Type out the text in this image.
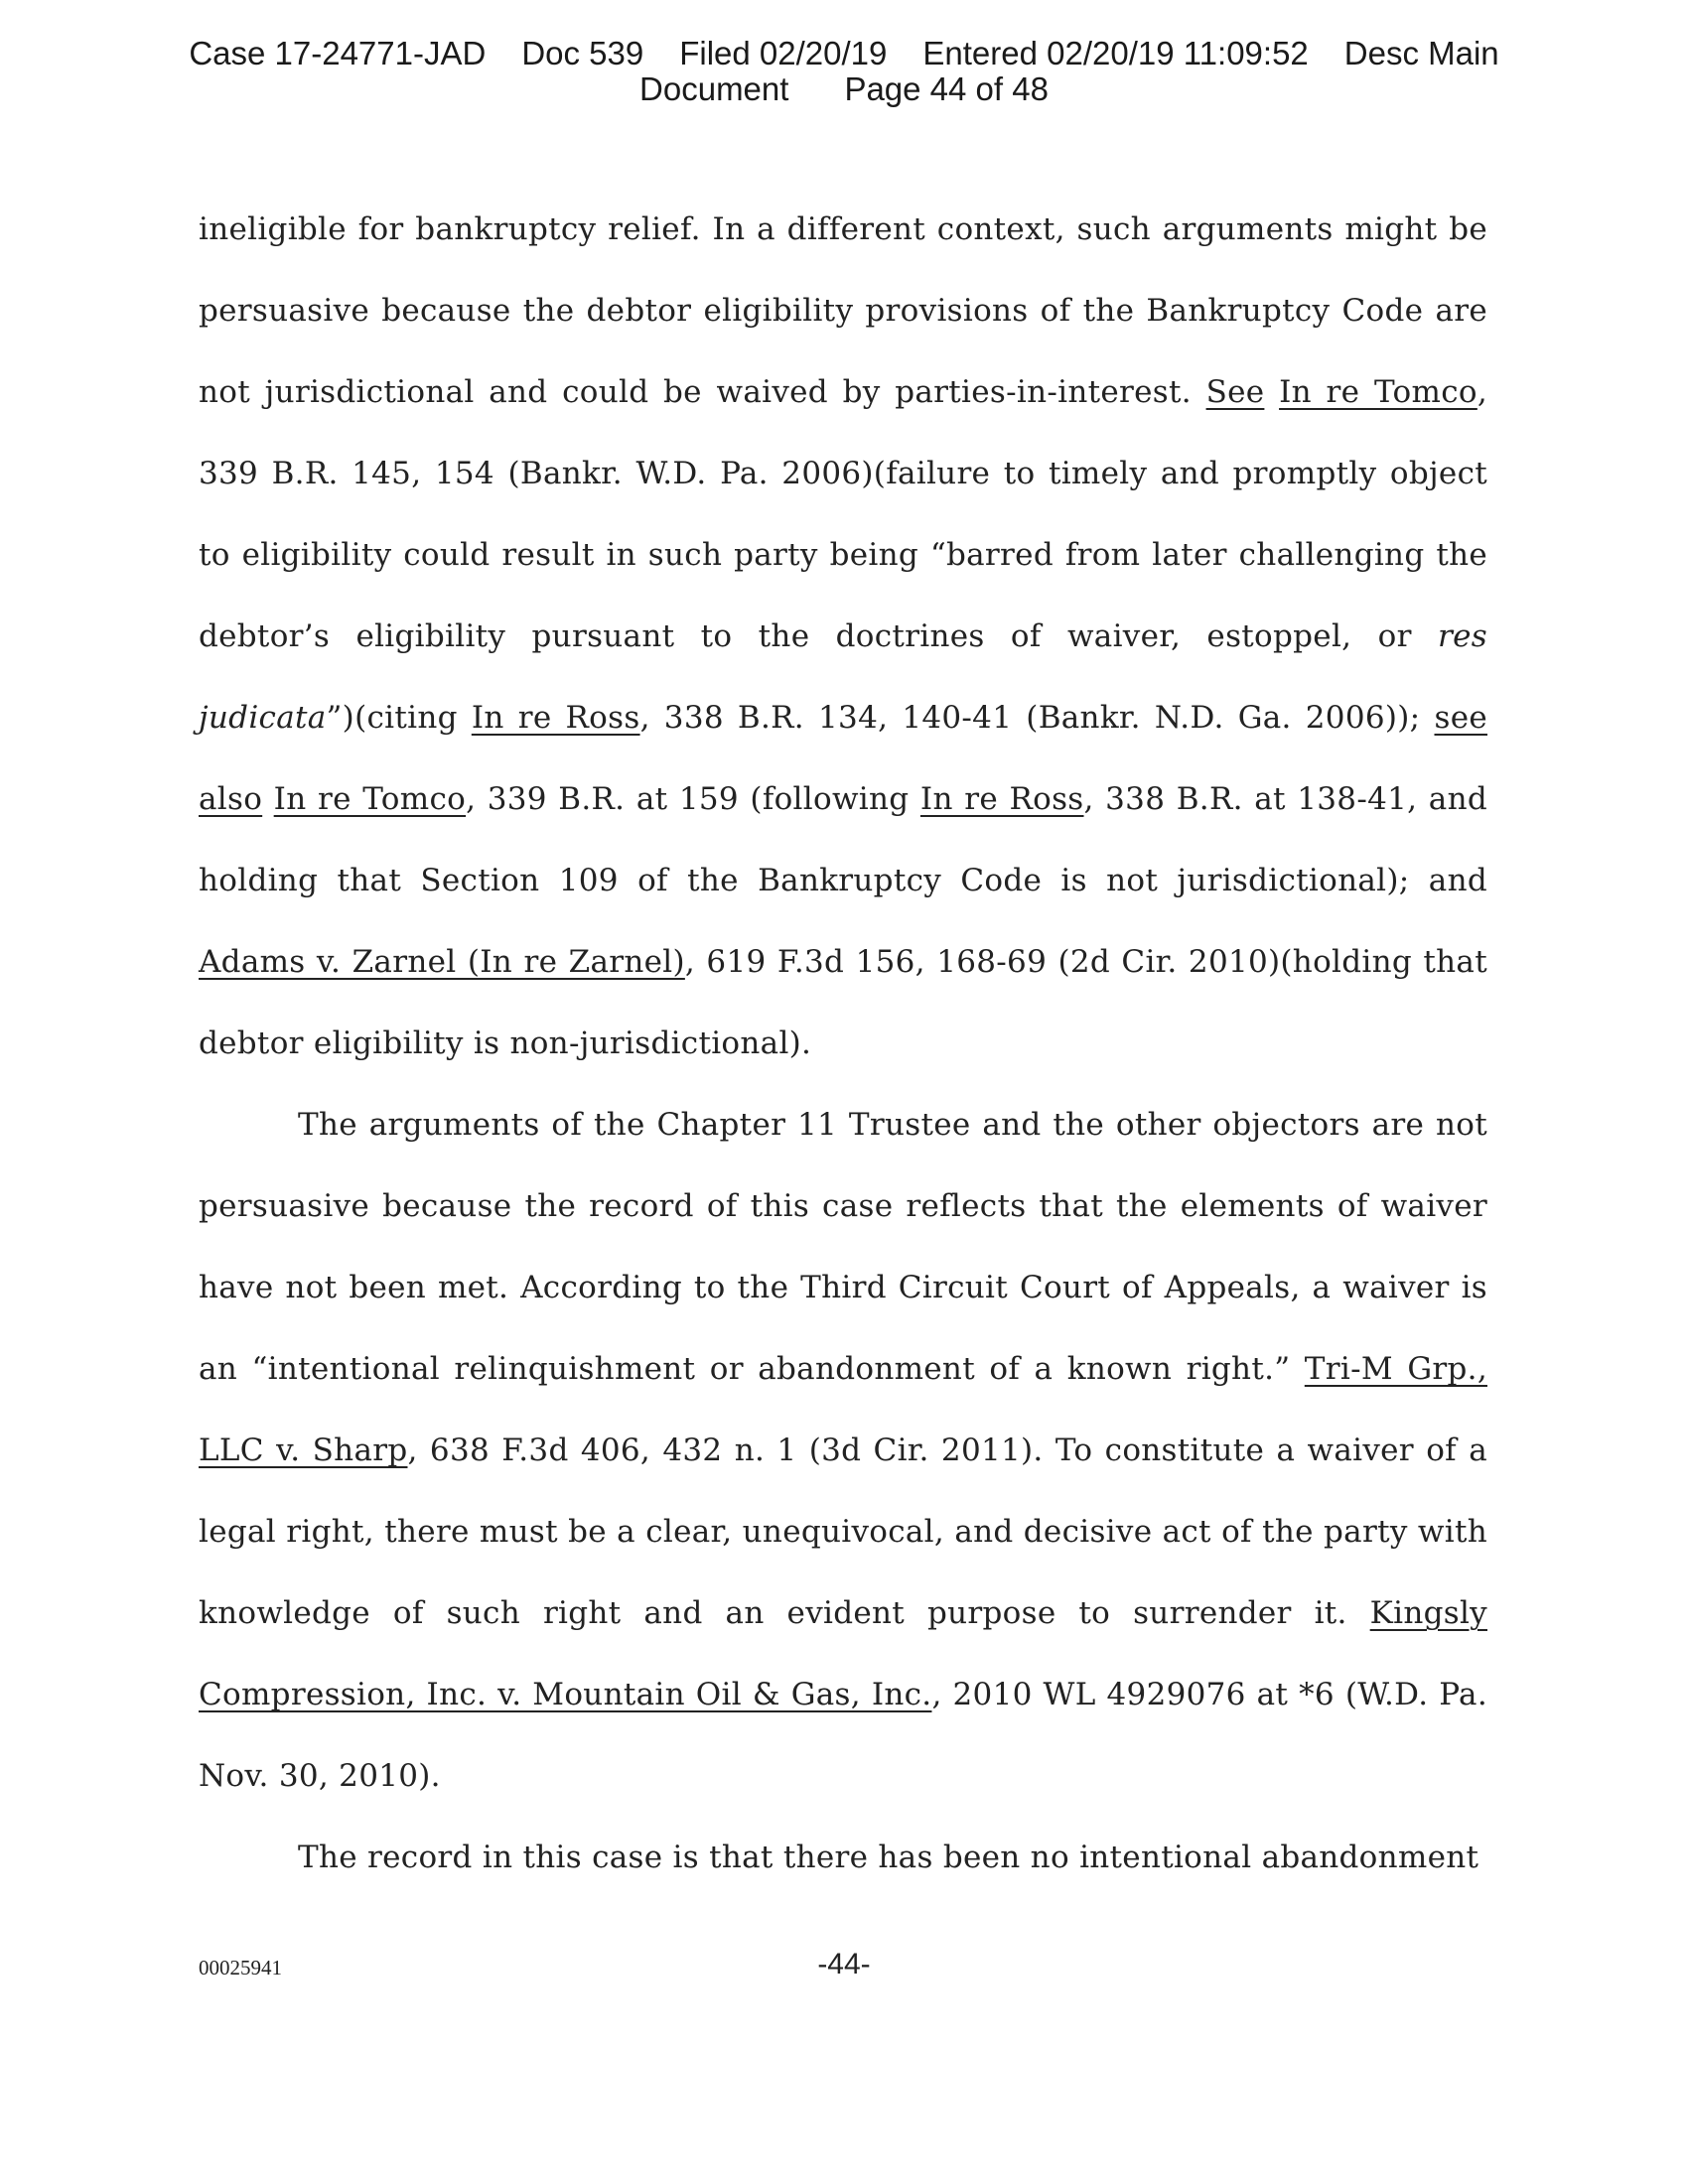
Case 17-24771-JAD Doc 539 Filed 02/20/19 Entered 02/20/19 11:09:52 Desc Main
Document Page 44 of 48

ineligible for bankruptcy relief. In a different context, such arguments might be persuasive because the debtor eligibility provisions of the Bankruptcy Code are not jurisdictional and could be waived by parties-in-interest. See In re Tomco, 339 B.R. 145, 154 (Bankr. W.D. Pa. 2006)(failure to timely and promptly object to eligibility could result in such party being “barred from later challenging the debtor’s eligibility pursuant to the doctrines of waiver, estoppel, or res judicata”)(citing In re Ross, 338 B.R. 134, 140-41 (Bankr. N.D. Ga. 2006)); see also In re Tomco, 339 B.R. at 159 (following In re Ross, 338 B.R. at 138-41, and holding that Section 109 of the Bankruptcy Code is not jurisdictional); and Adams v. Zarnel (In re Zarnel), 619 F.3d 156, 168-69 (2d Cir. 2010)(holding that debtor eligibility is non-jurisdictional).

The arguments of the Chapter 11 Trustee and the other objectors are not persuasive because the record of this case reflects that the elements of waiver have not been met. According to the Third Circuit Court of Appeals, a waiver is an “intentional relinquishment or abandonment of a known right.” Tri-M Grp., LLC v. Sharp, 638 F.3d 406, 432 n. 1 (3d Cir. 2011). To constitute a waiver of a legal right, there must be a clear, unequivocal, and decisive act of the party with knowledge of such right and an evident purpose to surrender it. Kingsly Compression, Inc. v. Mountain Oil & Gas, Inc., 2010 WL 4929076 at *6 (W.D. Pa. Nov. 30, 2010).

The record in this case is that there has been no intentional abandonment

00025941	-44-
